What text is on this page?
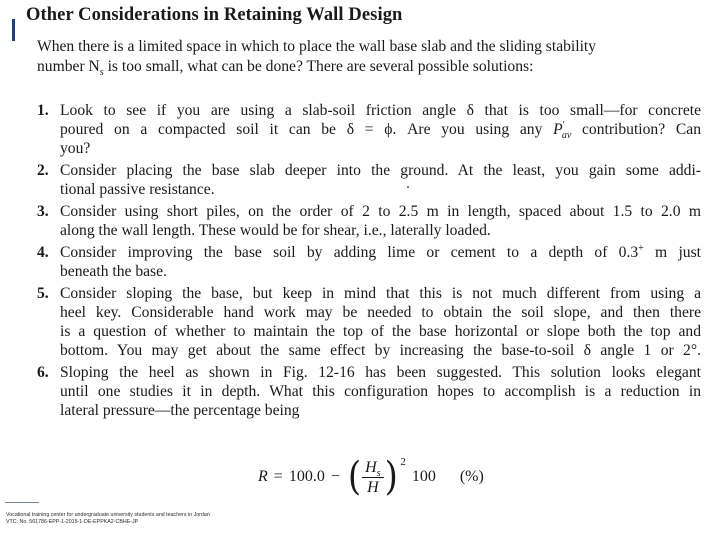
Other Considerations in Retaining Wall Design
When there is a limited space in which to place the wall base slab and the sliding stability
number $N_s$ is too small, what can be done? There are several possible solutions:
1. Look to see if you are using a slab-soil friction angle δ that is too small—for concrete
poured on a compacted soil it can be δ = ϕ. Are you using any $P'_{av}$ contribution? Can
you?
2. Consider placing the base slab deeper into the ground. At the least, you gain some addi-
tional passive resistance.
3. Consider using short piles, on the order of 2 to 2.5 m in length, spaced about 1.5 to 2.0 m
along the wall length. These would be for shear, i.e., laterally loaded.
4. Consider improving the base soil by adding lime or cement to a depth of 0.3+ m just
beneath the base.
5. Consider sloping the base, but keep in mind that this is not much different from using a
heel key. Considerable hand work may be needed to obtain the soil slope, and then there
is a question of whether to maintain the top of the base horizontal or slope both the top and
bottom. You may get about the same effect by increasing the base-to-soil δ angle 1 or 2°.
6. Sloping the heel as shown in Fig. 12-16 has been suggested. This solution looks elegant
until one studies it in depth. What this configuration hopes to accomplish is a reduction in
lateral pressure—the percentage being
R = 100.0 − ( $\frac{H_s}{H}$ ) 2
100 (%)
Vocational training center for undergraduate university students and teachers in Jordan
VTC: No. 561786-EPP-1-2015-1-DE-EPPKA2-CBHE-JP
